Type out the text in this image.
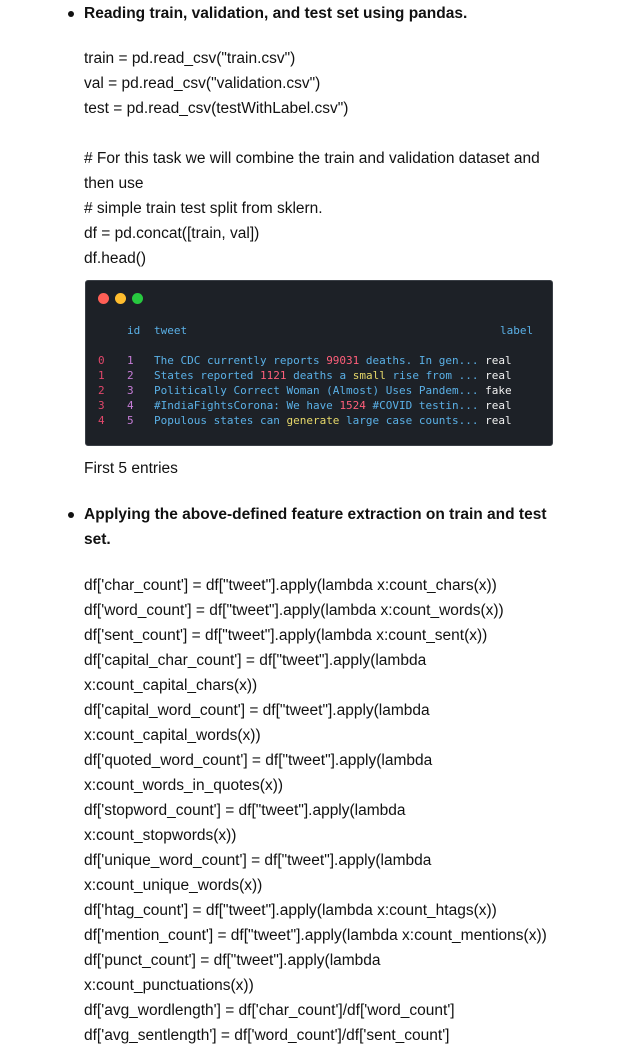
Reading train, validation, and test set using pandas.
train = pd.read_csv("train.csv")
val = pd.read_csv("validation.csv")
test = pd.read_csv(testWithLabel.csv")
# For this task we will combine the train and validation dataset and
then use
# simple train test split from sklern.
df = pd.concat([train, val])
df.head()
id tweet	label
0 1 The CDC currently reports 99031 deaths. In gen... real
1 2 States reported 1121 deaths a small rise from ... real
2 3 Politically Correct Woman (Almost) Uses Pandem... fake
3 4 #IndiaFightsCorona: We have 1524 #COVID testin... real
4 5 Populous states can generate large case counts... real
First 5 entries
Applying the above-defined feature extraction on train and test
set.
df['char_count'] = df["tweet"].apply(lambda x:count_chars(x))
df['word_count'] = df["tweet"].apply(lambda x:count_words(x))
df['sent_count'] = df["tweet"].apply(lambda x:count_sent(x))
df['capital_char_count'] = df["tweet"].apply(lambda
x:count_capital_chars(x))
df['capital_word_count'] = df["tweet"].apply(lambda
x:count_capital_words(x))
df['quoted_word_count'] = df["tweet"].apply(lambda
x:count_words_in_quotes(x))
df['stopword_count'] = df["tweet"].apply(lambda
x:count_stopwords(x))
df['unique_word_count'] = df["tweet"].apply(lambda
x:count_unique_words(x))
df['htag_count'] = df["tweet"].apply(lambda x:count_htags(x))
df['mention_count'] = df["tweet"].apply(lambda x:count_mentions(x))
df['punct_count'] = df["tweet"].apply(lambda
x:count_punctuations(x))
df['avg_wordlength'] = df['char_count']/df['word_count']
df['avg_sentlength'] = df['word_count']/df['sent_count']
